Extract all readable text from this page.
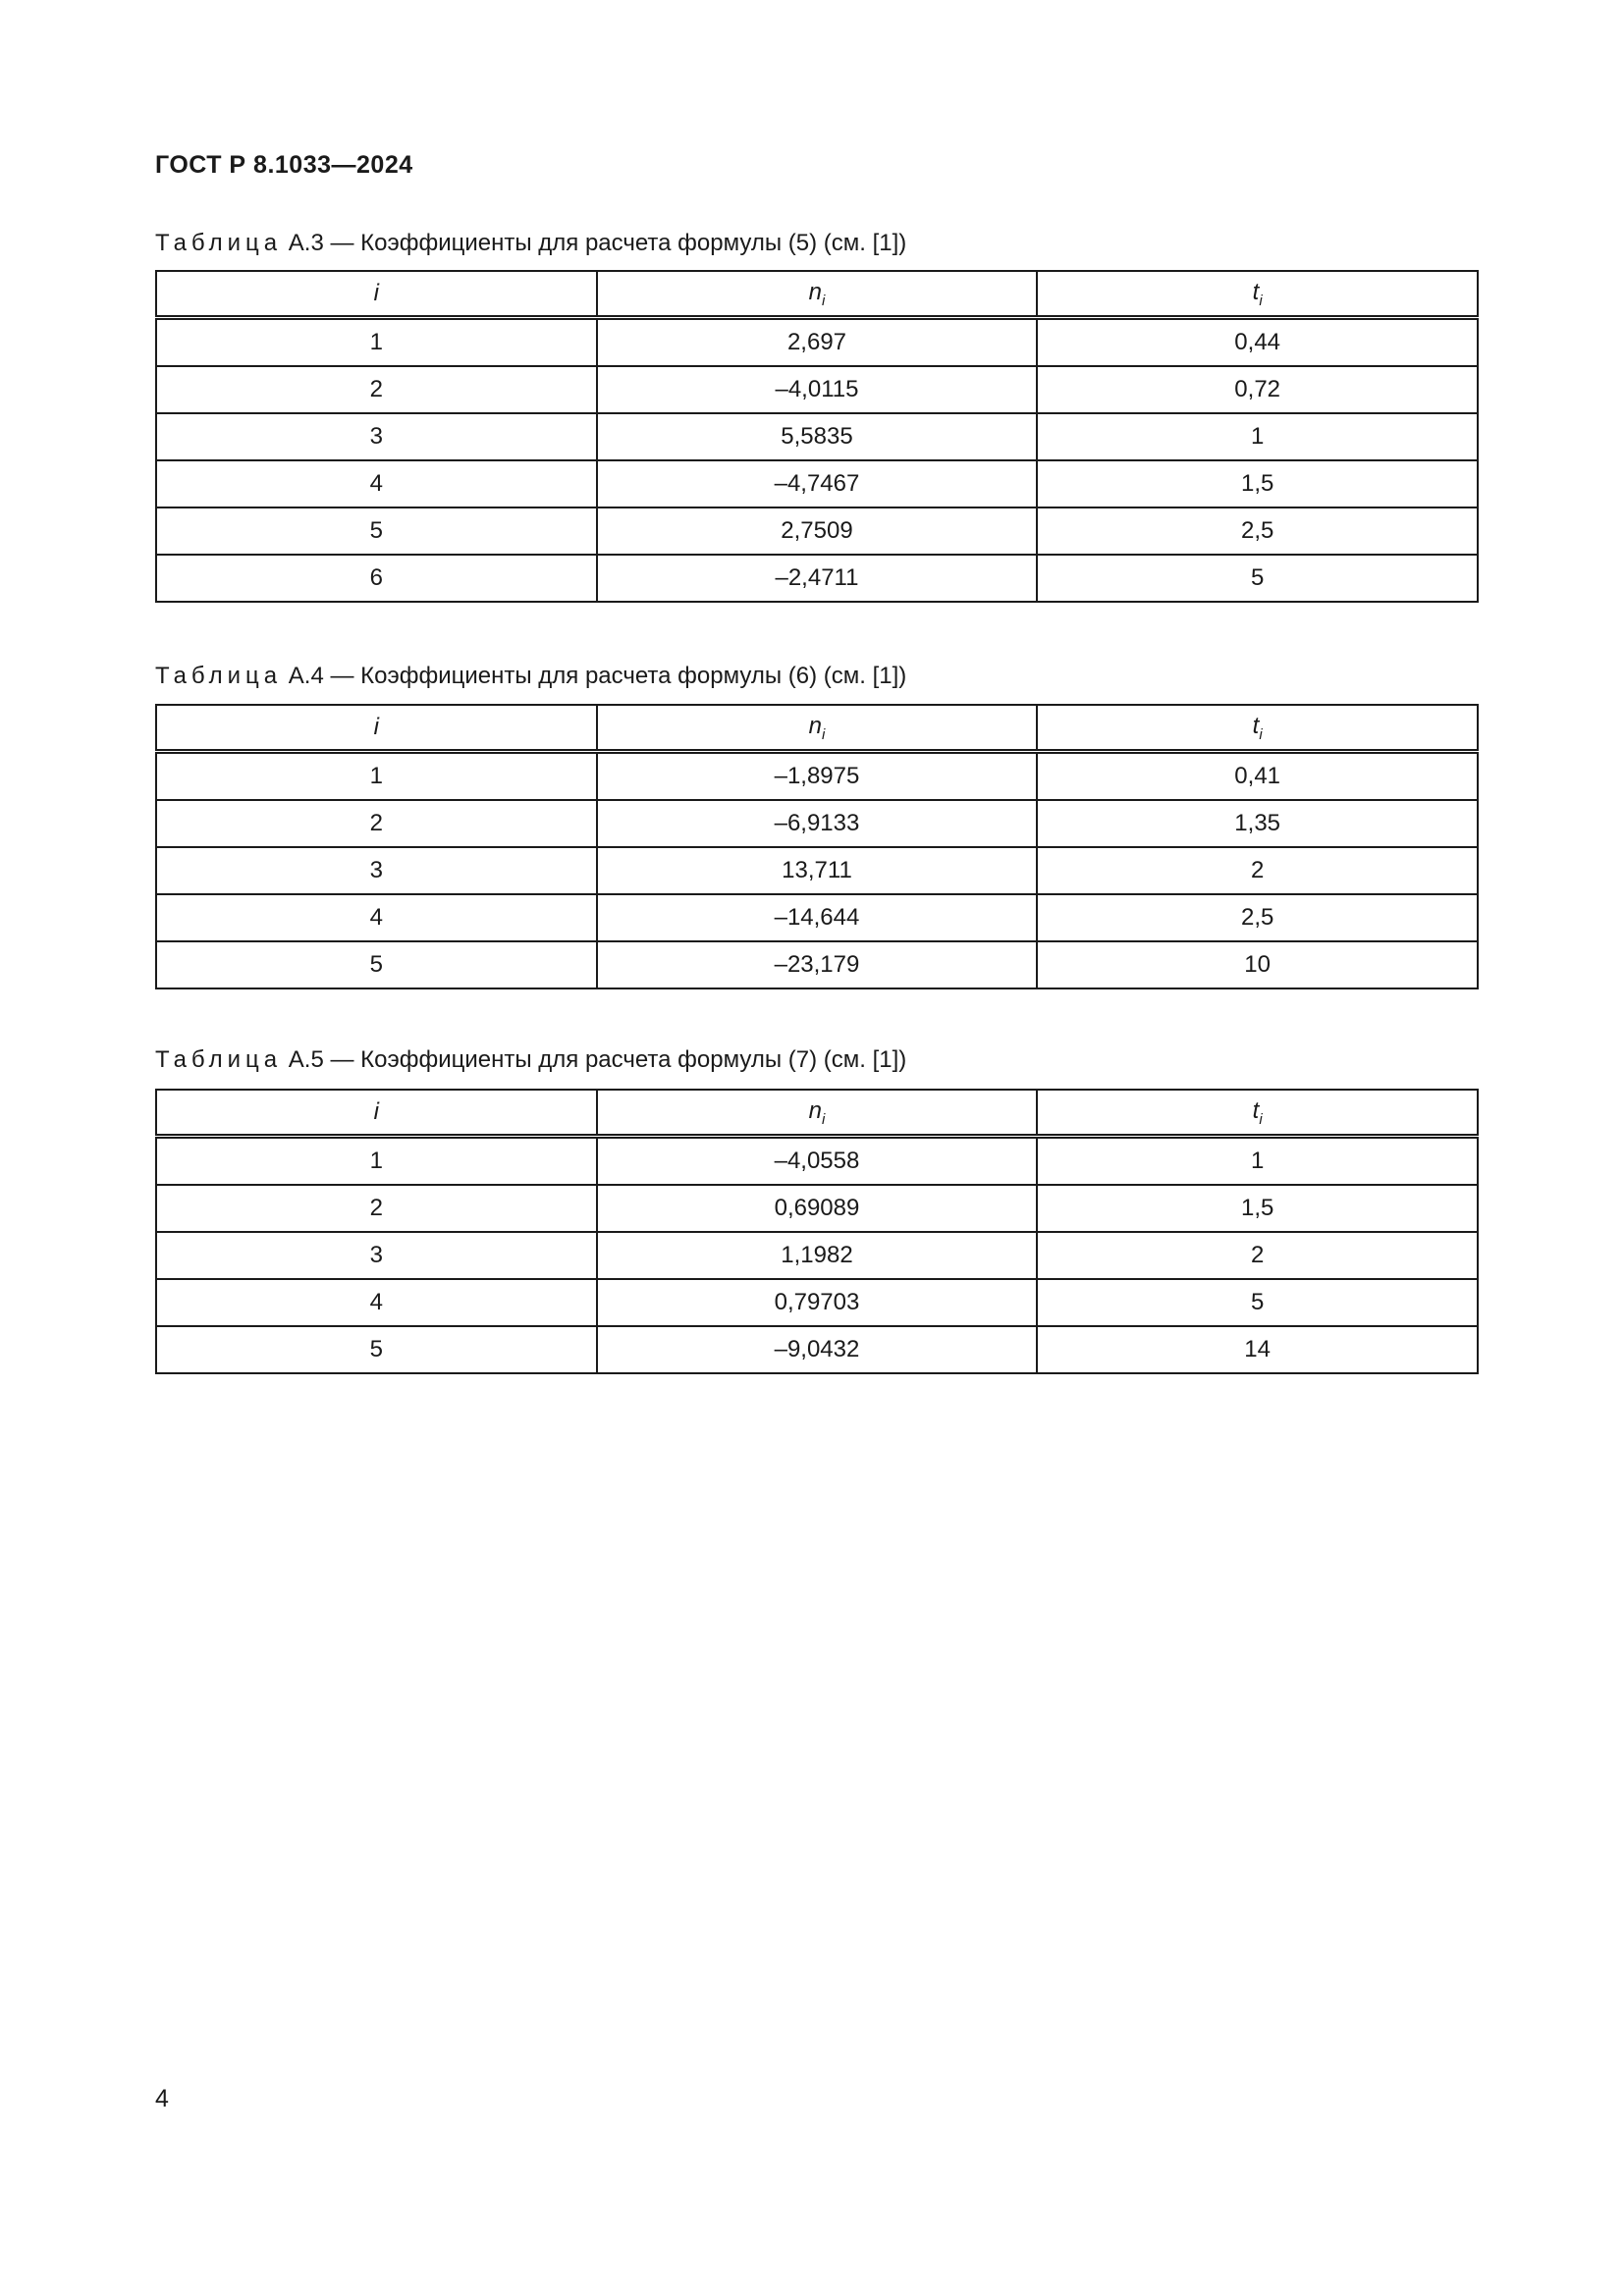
ГОСТ Р 8.1033—2024

Таблица А.3 — Коэффициенты для расчета формулы (5) (см. [1])

i	$n_i$	$t_i$
1	2,697	0,44
2	–4,0115	0,72
3	5,5835	1
4	–4,7467	1,5
5	2,7509	2,5
6	–2,4711	5

Таблица А.4 — Коэффициенты для расчета формулы (6) (см. [1])

i	$n_i$	$t_i$
1	–1,8975	0,41
2	–6,9133	1,35
3	13,711	2
4	–14,644	2,5
5	–23,179	10

Таблица А.5 — Коэффициенты для расчета формулы (7) (см. [1])

i	$n_i$	$t_i$
1	–4,0558	1
2	0,69089	1,5
3	1,1982	2
4	0,79703	5
5	–9,0432	14

4
